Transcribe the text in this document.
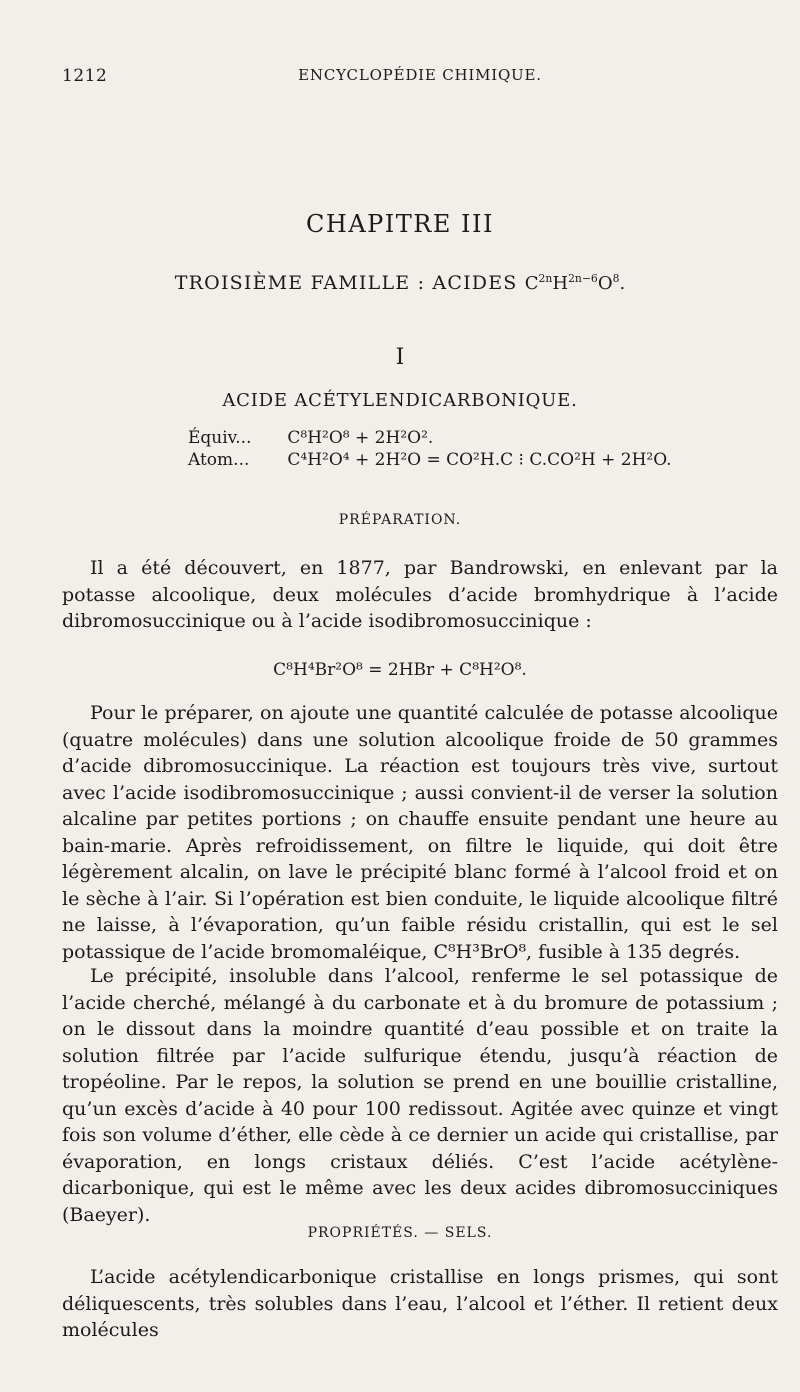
1212	ENCYCLOPÉDIE CHIMIQUE.
CHAPITRE III
TROISIÈME FAMILLE : ACIDES $C^{2n}H^{2n-6}O^8$.
I
ACIDE ACÉTYLENDICARBONIQUE.
Équiv... C⁸H²O⁸ + 2H²O².
Atom... C⁴H²O⁴ + 2H²O = CO²H.C ⁝ C.CO²H + 2H²O.
PRÉPARATION.
Il a été découvert, en 1877, par Bandrowski, en enlevant par la potasse alcoolique, deux molécules d’acide bromhydrique à l’acide dibromosuccinique ou à l’acide isodibromosuccinique :
C⁸H⁴Br²O⁸ = 2HBr + C⁸H²O⁸.
Pour le préparer, on ajoute une quantité calculée de potasse alcoolique (quatre molécules) dans une solution alcoolique froide de 50 grammes d’acide dibromosuccinique. La réaction est toujours très vive, surtout avec l’acide isodibromosuccinique ; aussi convient-il de verser la solution alcaline par petites portions ; on chauffe ensuite pendant une heure au bain-marie. Après refroidissement, on filtre le liquide, qui doit être légèrement alcalin, on lave le précipité blanc formé à l’alcool froid et on le sèche à l’air. Si l’opération est bien conduite, le liquide alcoolique filtré ne laisse, à l’évaporation, qu’un faible résidu cristallin, qui est le sel potassique de l’acide bromomaléique, C⁸H³BrO⁸, fusible à 135 degrés.
Le précipité, insoluble dans l’alcool, renferme le sel potassique de l’acide cherché, mélangé à du carbonate et à du bromure de potassium ; on le dissout dans la moindre quantité d’eau possible et on traite la solution filtrée par l’acide sulfurique étendu, jusqu’à réaction de tropéoline. Par le repos, la solution se prend en une bouillie cristalline, qu’un excès d’acide à 40 pour 100 redissout. Agitée avec quinze et vingt fois son volume d’éther, elle cède à ce dernier un acide qui cristallise, par évaporation, en longs cristaux déliés. C’est l’acide acétylène-dicarbonique, qui est le même avec les deux acides dibromosucciniques (Baeyer).
PROPRIÉTÉS. — SELS.
L’acide acétylendicarbonique cristallise en longs prismes, qui sont déliquescents, très solubles dans l’eau, l’alcool et l’éther. Il retient deux molécules
